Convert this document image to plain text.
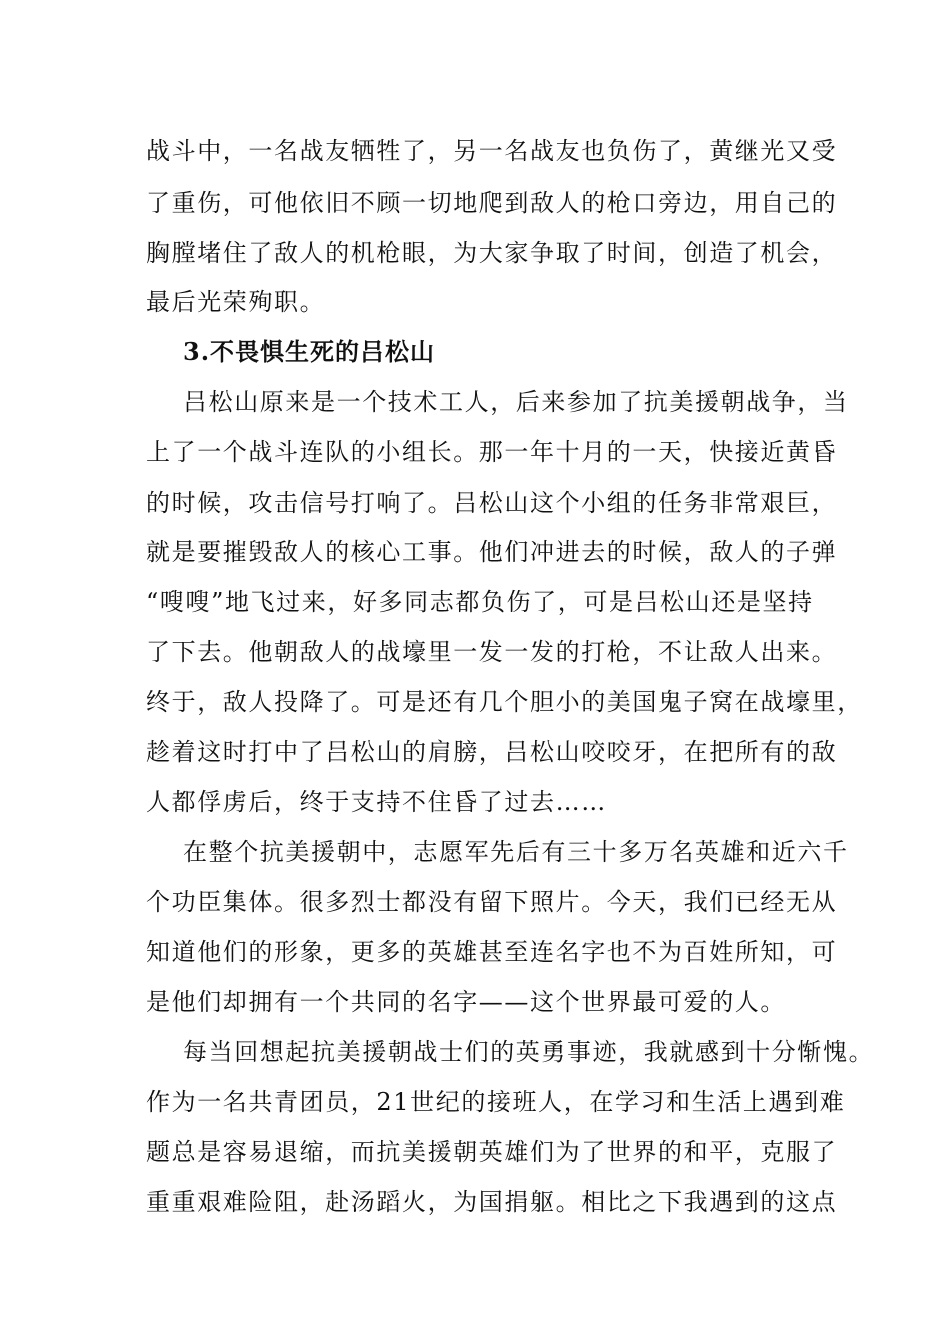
战斗中，一名战友牺牲了，另一名战友也负伤了，黄继光又受
了重伤，可他依旧不顾一切地爬到敌人的枪口旁边，用自己的
胸膛堵住了敌人的机枪眼，为大家争取了时间，创造了机会，
最后光荣殉职。
3.不畏惧生死的吕松山
吕松山原来是一个技术工人，后来参加了抗美援朝战争，当
上了一个战斗连队的小组长。那一年十月的一天，快接近黄昏
的时候，攻击信号打响了。吕松山这个小组的任务非常艰巨，
就是要摧毁敌人的核心工事。他们冲进去的时候，敌人的子弹
“嗖嗖”地飞过来，好多同志都负伤了，可是吕松山还是坚持
了下去。他朝敌人的战壕里一发一发的打枪，不让敌人出来。
终于，敌人投降了。可是还有几个胆小的美国鬼子窝在战壕里，
趁着这时打中了吕松山的肩膀，吕松山咬咬牙，在把所有的敌
人都俘虏后，终于支持不住昏了过去……
在整个抗美援朝中，志愿军先后有三十多万名英雄和近六千
个功臣集体。很多烈士都没有留下照片。今天，我们已经无从
知道他们的形象，更多的英雄甚至连名字也不为百姓所知，可
是他们却拥有一个共同的名字——这个世界最可爱的人。
每当回想起抗美援朝战士们的英勇事迹，我就感到十分惭愧。
作为一名共青团员，21世纪的接班人，在学习和生活上遇到难
题总是容易退缩，而抗美援朝英雄们为了世界的和平，克服了
重重艰难险阻，赴汤蹈火，为国捐躯。相比之下我遇到的这点
